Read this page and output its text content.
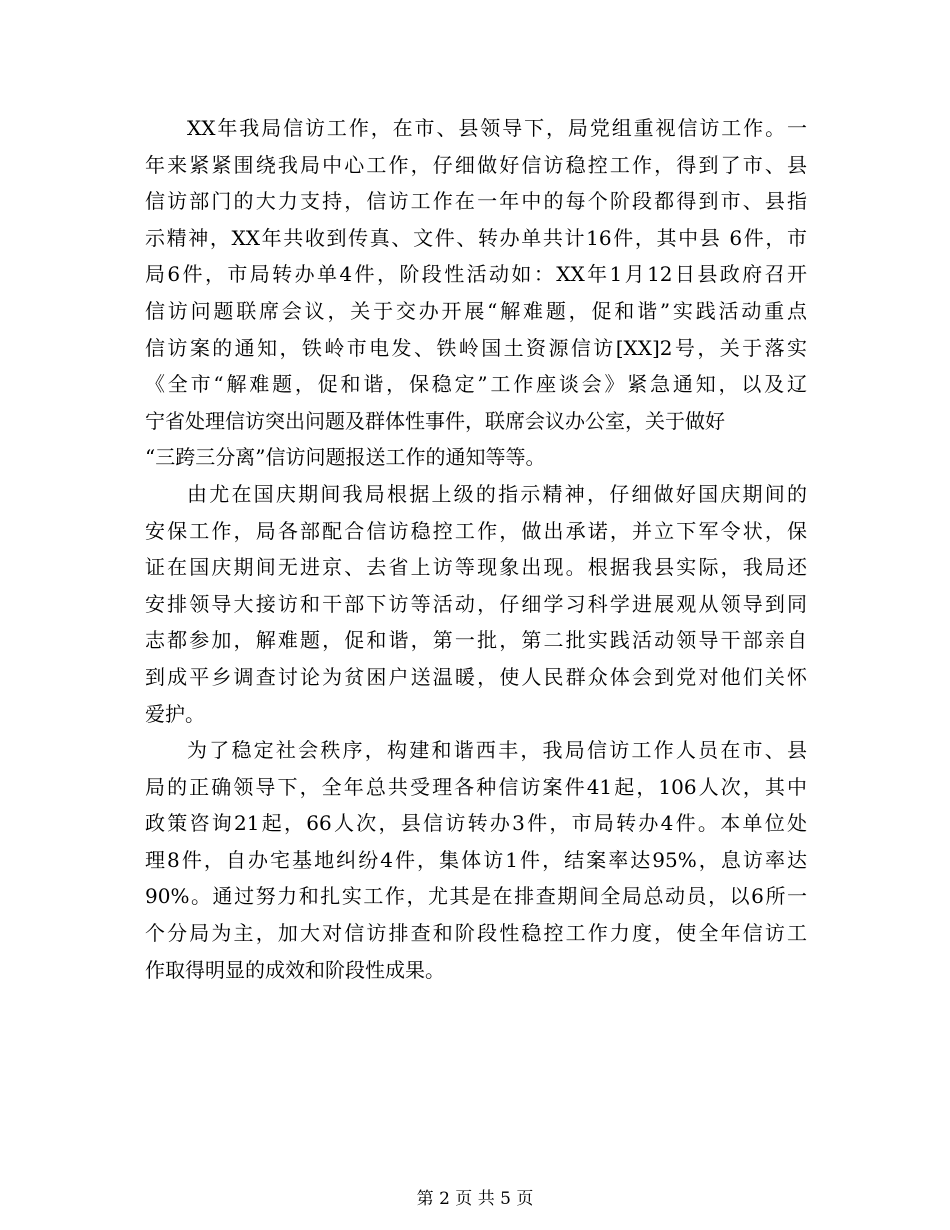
XX年我局信访工作，在市、县领导下，局党组重视信访工作。一
年来紧紧围绕我局中心工作，仔细做好信访稳控工作，得到了市、县
信访部门的大力支持，信访工作在一年中的每个阶段都得到市、县指
示精神，XX年共收到传真、文件、转办单共计16件，其中县 6件，市
局6件，市局转办单4件，阶段性活动如：XX年1月12日县政府召开
信访问题联席会议，关于交办开展“解难题，促和谐”实践活动重点
信访案的通知，铁岭市电发、铁岭国土资源信访[XX]2号，关于落实
《全市“解难题，促和谐，保稳定”工作座谈会》紧急通知，以及辽
宁省处理信访突出问题及群体性事件，联席会议办公室，关于做好
“三跨三分离”信访问题报送工作的通知等等。
由尤在国庆期间我局根据上级的指示精神，仔细做好国庆期间的
安保工作，局各部配合信访稳控工作，做出承诺，并立下军令状，保
证在国庆期间无进京、去省上访等现象出现。根据我县实际，我局还
安排领导大接访和干部下访等活动，仔细学习科学进展观从领导到同
志都参加，解难题，促和谐，第一批，第二批实践活动领导干部亲自
到成平乡调查讨论为贫困户送温暖，使人民群众体会到党对他们关怀
爱护。
为了稳定社会秩序，构建和谐西丰，我局信访工作人员在市、县
局的正确领导下，全年总共受理各种信访案件41起，106人次，其中
政策咨询21起，66人次，县信访转办3件，市局转办4件。本单位处
理8件，自办宅基地纠纷4件，集体访1件，结案率达95%，息访率达
90%。通过努力和扎实工作，尤其是在排查期间全局总动员，以6所一
个分局为主，加大对信访排查和阶段性稳控工作力度，使全年信访工
作取得明显的成效和阶段性成果。
第 2 页 共 5 页
